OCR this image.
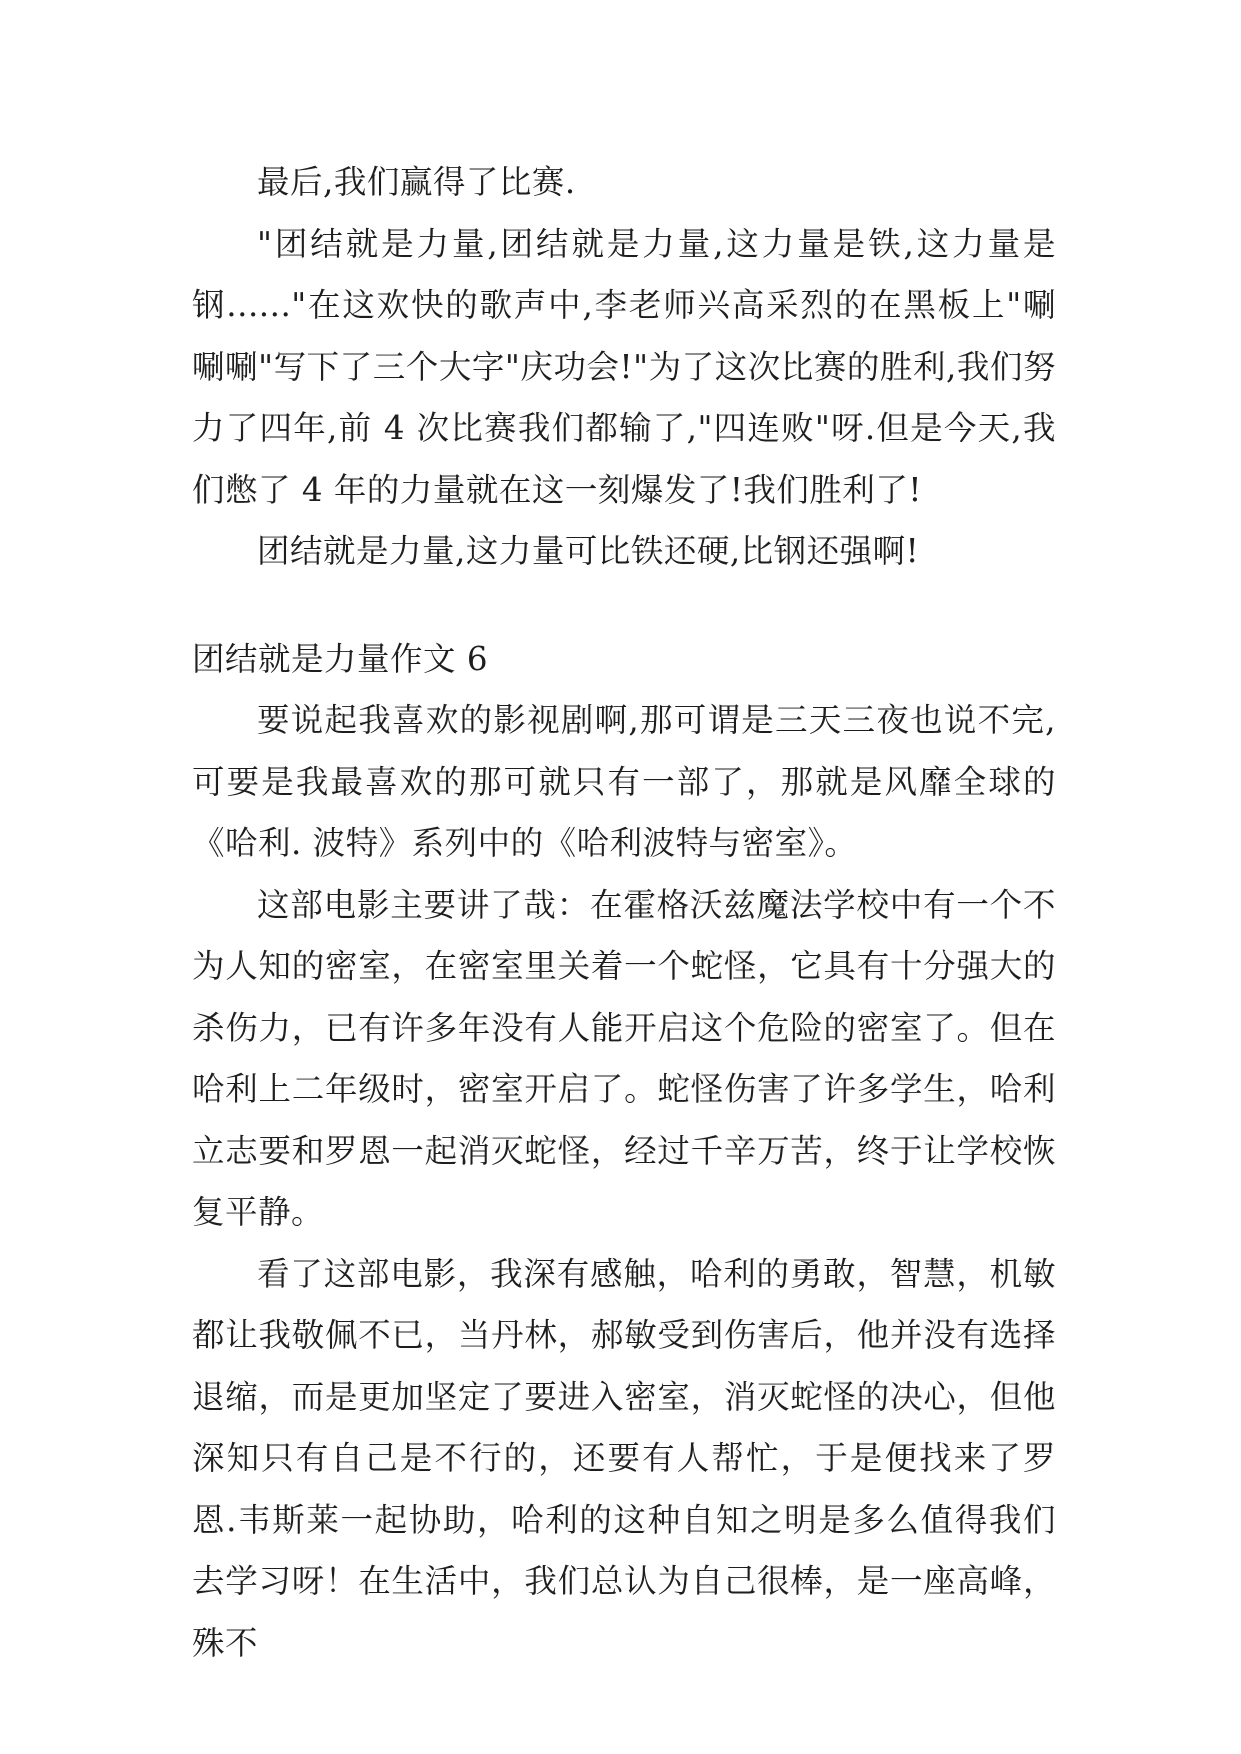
最后,我们赢得了比赛.

"团结就是力量,团结就是力量,这力量是铁,这力量是钢......"在这欢快的歌声中,李老师兴高采烈的在黑板上"唰唰唰"写下了三个大字"庆功会!"为了这次比赛的胜利,我们努力了四年,前 4 次比赛我们都输了,"四连败"呀.但是今天,我们憋了 4 年的力量就在这一刻爆发了!我们胜利了!

团结就是力量,这力量可比铁还硬,比钢还强啊!

团结就是力量作文 6

要说起我喜欢的影视剧啊,那可谓是三天三夜也说不完,可要是我最喜欢的那可就只有一部了，那就是风靡全球的《哈利. 波特》系列中的《哈利波特与密室》。

这部电影主要讲了哉：在霍格沃兹魔法学校中有一个不为人知的密室，在密室里关着一个蛇怪，它具有十分强大的杀伤力，已有许多年没有人能开启这个危险的密室了。但在哈利上二年级时，密室开启了。蛇怪伤害了许多学生，哈利立志要和罗恩一起消灭蛇怪，经过千辛万苦，终于让学校恢复平静。

看了这部电影，我深有感触，哈利的勇敢，智慧，机敏都让我敬佩不已，当丹林，郝敏受到伤害后，他并没有选择退缩，而是更加坚定了要进入密室，消灭蛇怪的决心，但他深知只有自己是不行的，还要有人帮忙，于是便找来了罗恩.韦斯莱一起协助，哈利的这种自知之明是多么值得我们去学习呀！在生活中，我们总认为自己很棒，是一座高峰，殊不
